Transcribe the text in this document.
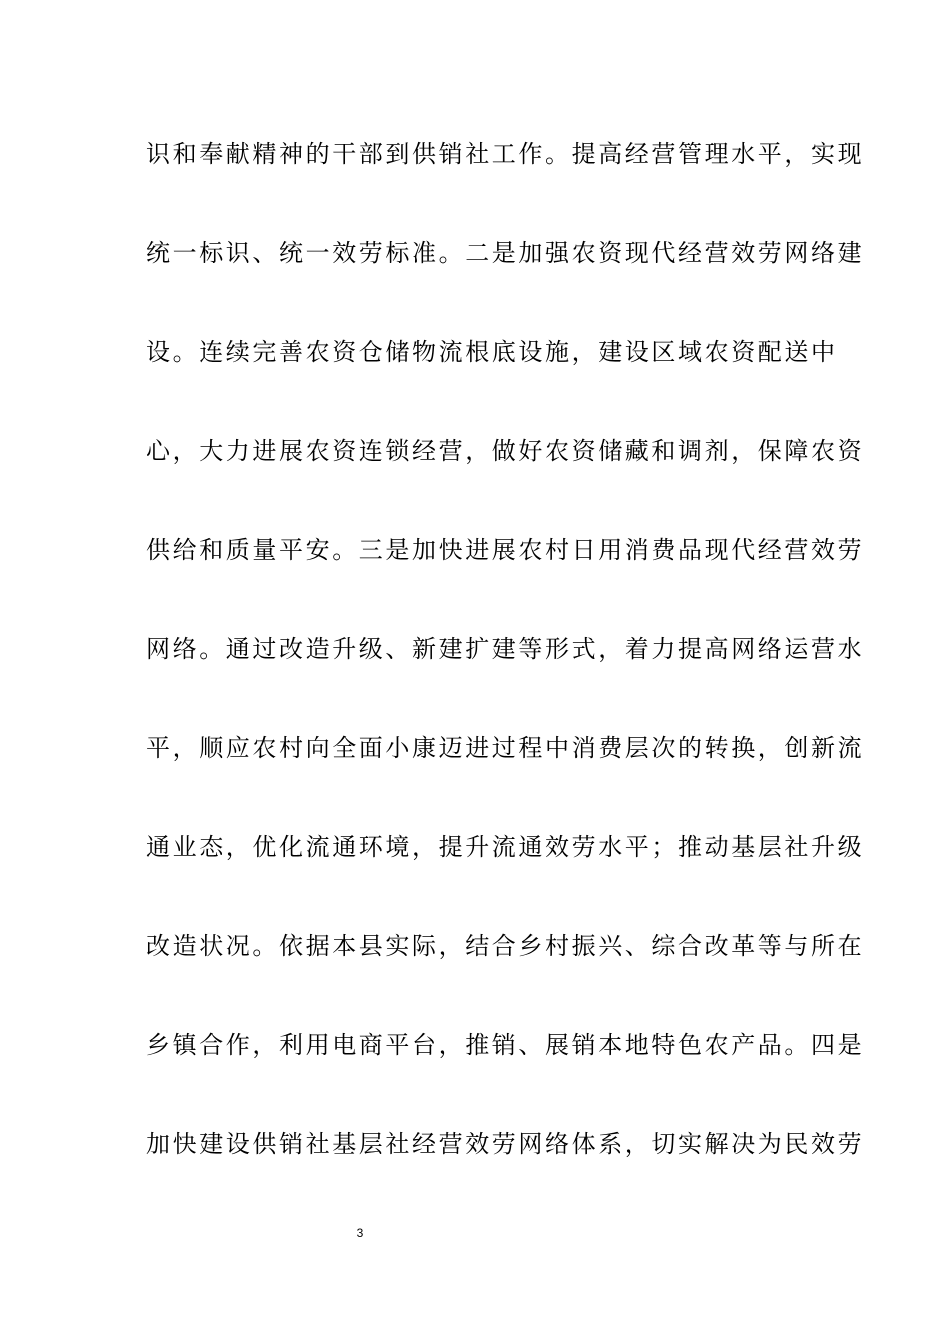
识和奉献精神的干部到供销社工作。提高经营管理水平，实现
统一标识、统一效劳标准。二是加强农资现代经营效劳网络建
设。连续完善农资仓储物流根底设施，建设区域农资配送中
心，大力进展农资连锁经营，做好农资储藏和调剂，保障农资
供给和质量平安。三是加快进展农村日用消费品现代经营效劳
网络。通过改造升级、新建扩建等形式，着力提高网络运营水
平，顺应农村向全面小康迈进过程中消费层次的转换，创新流
通业态，优化流通环境，提升流通效劳水平；推动基层社升级
改造状况。依据本县实际，结合乡村振兴、综合改革等与所在
乡镇合作，利用电商平台，推销、展销本地特色农产品。四是
加快建设供销社基层社经营效劳网络体系，切实解决为民效劳
3
